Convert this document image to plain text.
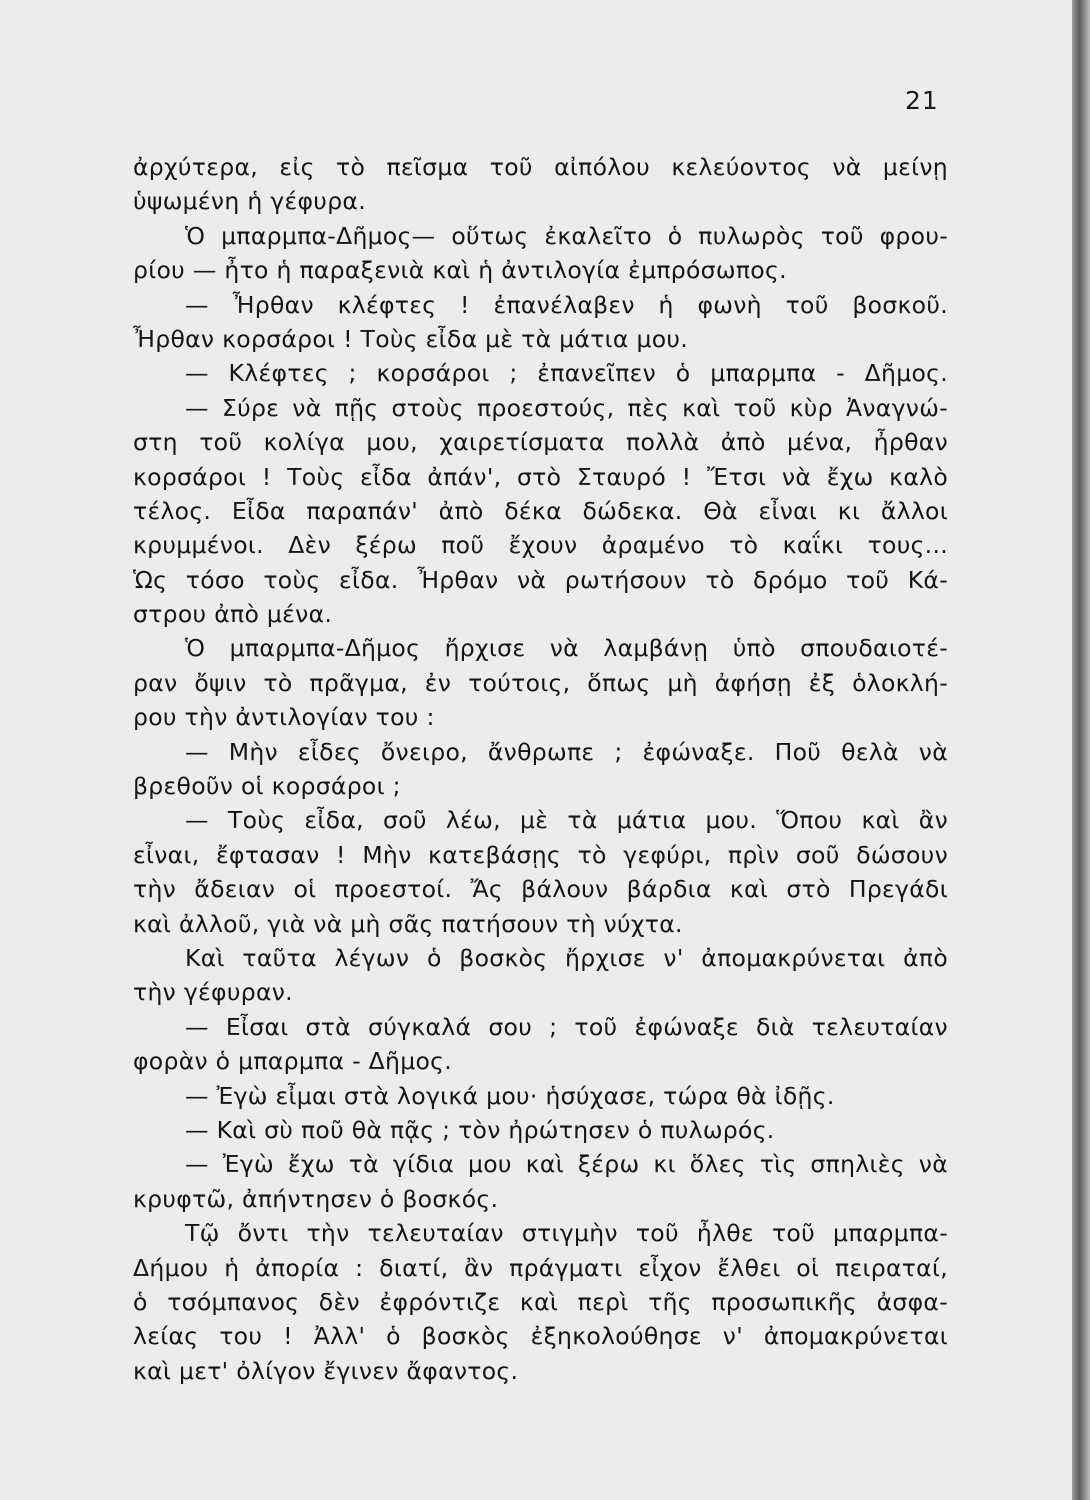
21
ἀρχύτερα, εἰς τὸ πεῖσμα τοῦ αἰπόλου κελεύοντος νὰ μείνῃ
ὑψωμένη ἡ γέφυρα.
Ὁ μπαρμπα-Δῆμος— οὕτως ἐκαλεῖτο ὁ πυλωρὸς τοῦ φρου-
ρίου — ἦτο ἡ παραξενιὰ καὶ ἡ ἀντιλογία ἐμπρόσωπος.
— Ἦρθαν κλέφτες ! ἐπανέλαβεν ἡ φωνὴ τοῦ βοσκοῦ.
Ἦρθαν κορσάροι ! Τοὺς εἶδα μὲ τὰ μάτια μου.
— Κλέφτες ; κορσάροι ; ἐπανεῖπεν ὁ μπαρμπα - Δῆμος.
— Σύρε νὰ πῇς στοὺς προεστούς, πὲς καὶ τοῦ κὺρ Ἀναγνώ-
στη τοῦ κολίγα μου, χαιρετίσματα πολλὰ ἀπὸ μένα, ἦρθαν
κορσάροι ! Τοὺς εἶδα ἀπάν', στὸ Σταυρό ! Ἔτσι νὰ ἔχω καλὸ
τέλος. Εἶδα παραπάν' ἀπὸ δέκα δώδεκα. Θὰ εἶναι κι ἄλλοι
κρυμμένοι. Δὲν ξέρω ποῦ ἔχουν ἀραμένο τὸ καΐκι τους...
Ὡς τόσο τοὺς εἶδα. Ἦρθαν νὰ ρωτήσουν τὸ δρόμο τοῦ Κά-
στρου ἀπὸ μένα.
Ὁ μπαρμπα-Δῆμος ἤρχισε νὰ λαμβάνῃ ὑπὸ σπουδαιοτέ-
ραν ὄψιν τὸ πρᾶγμα, ἐν τούτοις, ὅπως μὴ ἀφήσῃ ἐξ ὁλοκλή-
ρου τὴν ἀντιλογίαν του :
— Μὴν εἶδες ὄνειρο, ἄνθρωπε ; ἐφώναξε. Ποῦ θελὰ νὰ
βρεθοῦν οἱ κορσάροι ;
— Τοὺς εἶδα, σοῦ λέω, μὲ τὰ μάτια μου. Ὅπου καὶ ἂν
εἶναι, ἔφτασαν ! Μὴν κατεβάσῃς τὸ γεφύρι, πρὶν σοῦ δώσουν
τὴν ἄδειαν οἱ προεστοί. Ἄς βάλουν βάρδια καὶ στὸ Πρεγάδι
καὶ ἀλλοῦ, γιὰ νὰ μὴ σᾶς πατήσουν τὴ νύχτα.
Καὶ ταῦτα λέγων ὁ βοσκὸς ἤρχισε ν' ἀπομακρύνεται ἀπὸ
τὴν γέφυραν.
— Εἶσαι στὰ σύγκαλά σου ; τοῦ ἐφώναξε διὰ τελευταίαν
φορὰν ὁ μπαρμπα - Δῆμος.
— Ἐγὼ εἶμαι στὰ λογικά μου· ἡσύχασε, τώρα θὰ ἰδῇς.
— Καὶ σὺ ποῦ θὰ πᾷς ; τὸν ἠρώτησεν ὁ πυλωρός.
— Ἐγὼ ἔχω τὰ γίδια μου καὶ ξέρω κι ὅλες τὶς σπηλιὲς νὰ
κρυφτῶ, ἀπήντησεν ὁ βοσκός.
Τῷ ὄντι τὴν τελευταίαν στιγμὴν τοῦ ἦλθε τοῦ μπαρμπα-
Δήμου ἡ ἀπορία : διατί, ἂν πράγματι εἶχον ἔλθει οἱ πειραταί,
ὁ τσόμπανος δὲν ἐφρόντιζε καὶ περὶ τῆς προσωπικῆς ἀσφα-
λείας του ! Ἀλλ' ὁ βοσκὸς ἐξηκολούθησε ν' ἀπομακρύνεται
καὶ μετ' ὀλίγον ἔγινεν ἄφαντος.
